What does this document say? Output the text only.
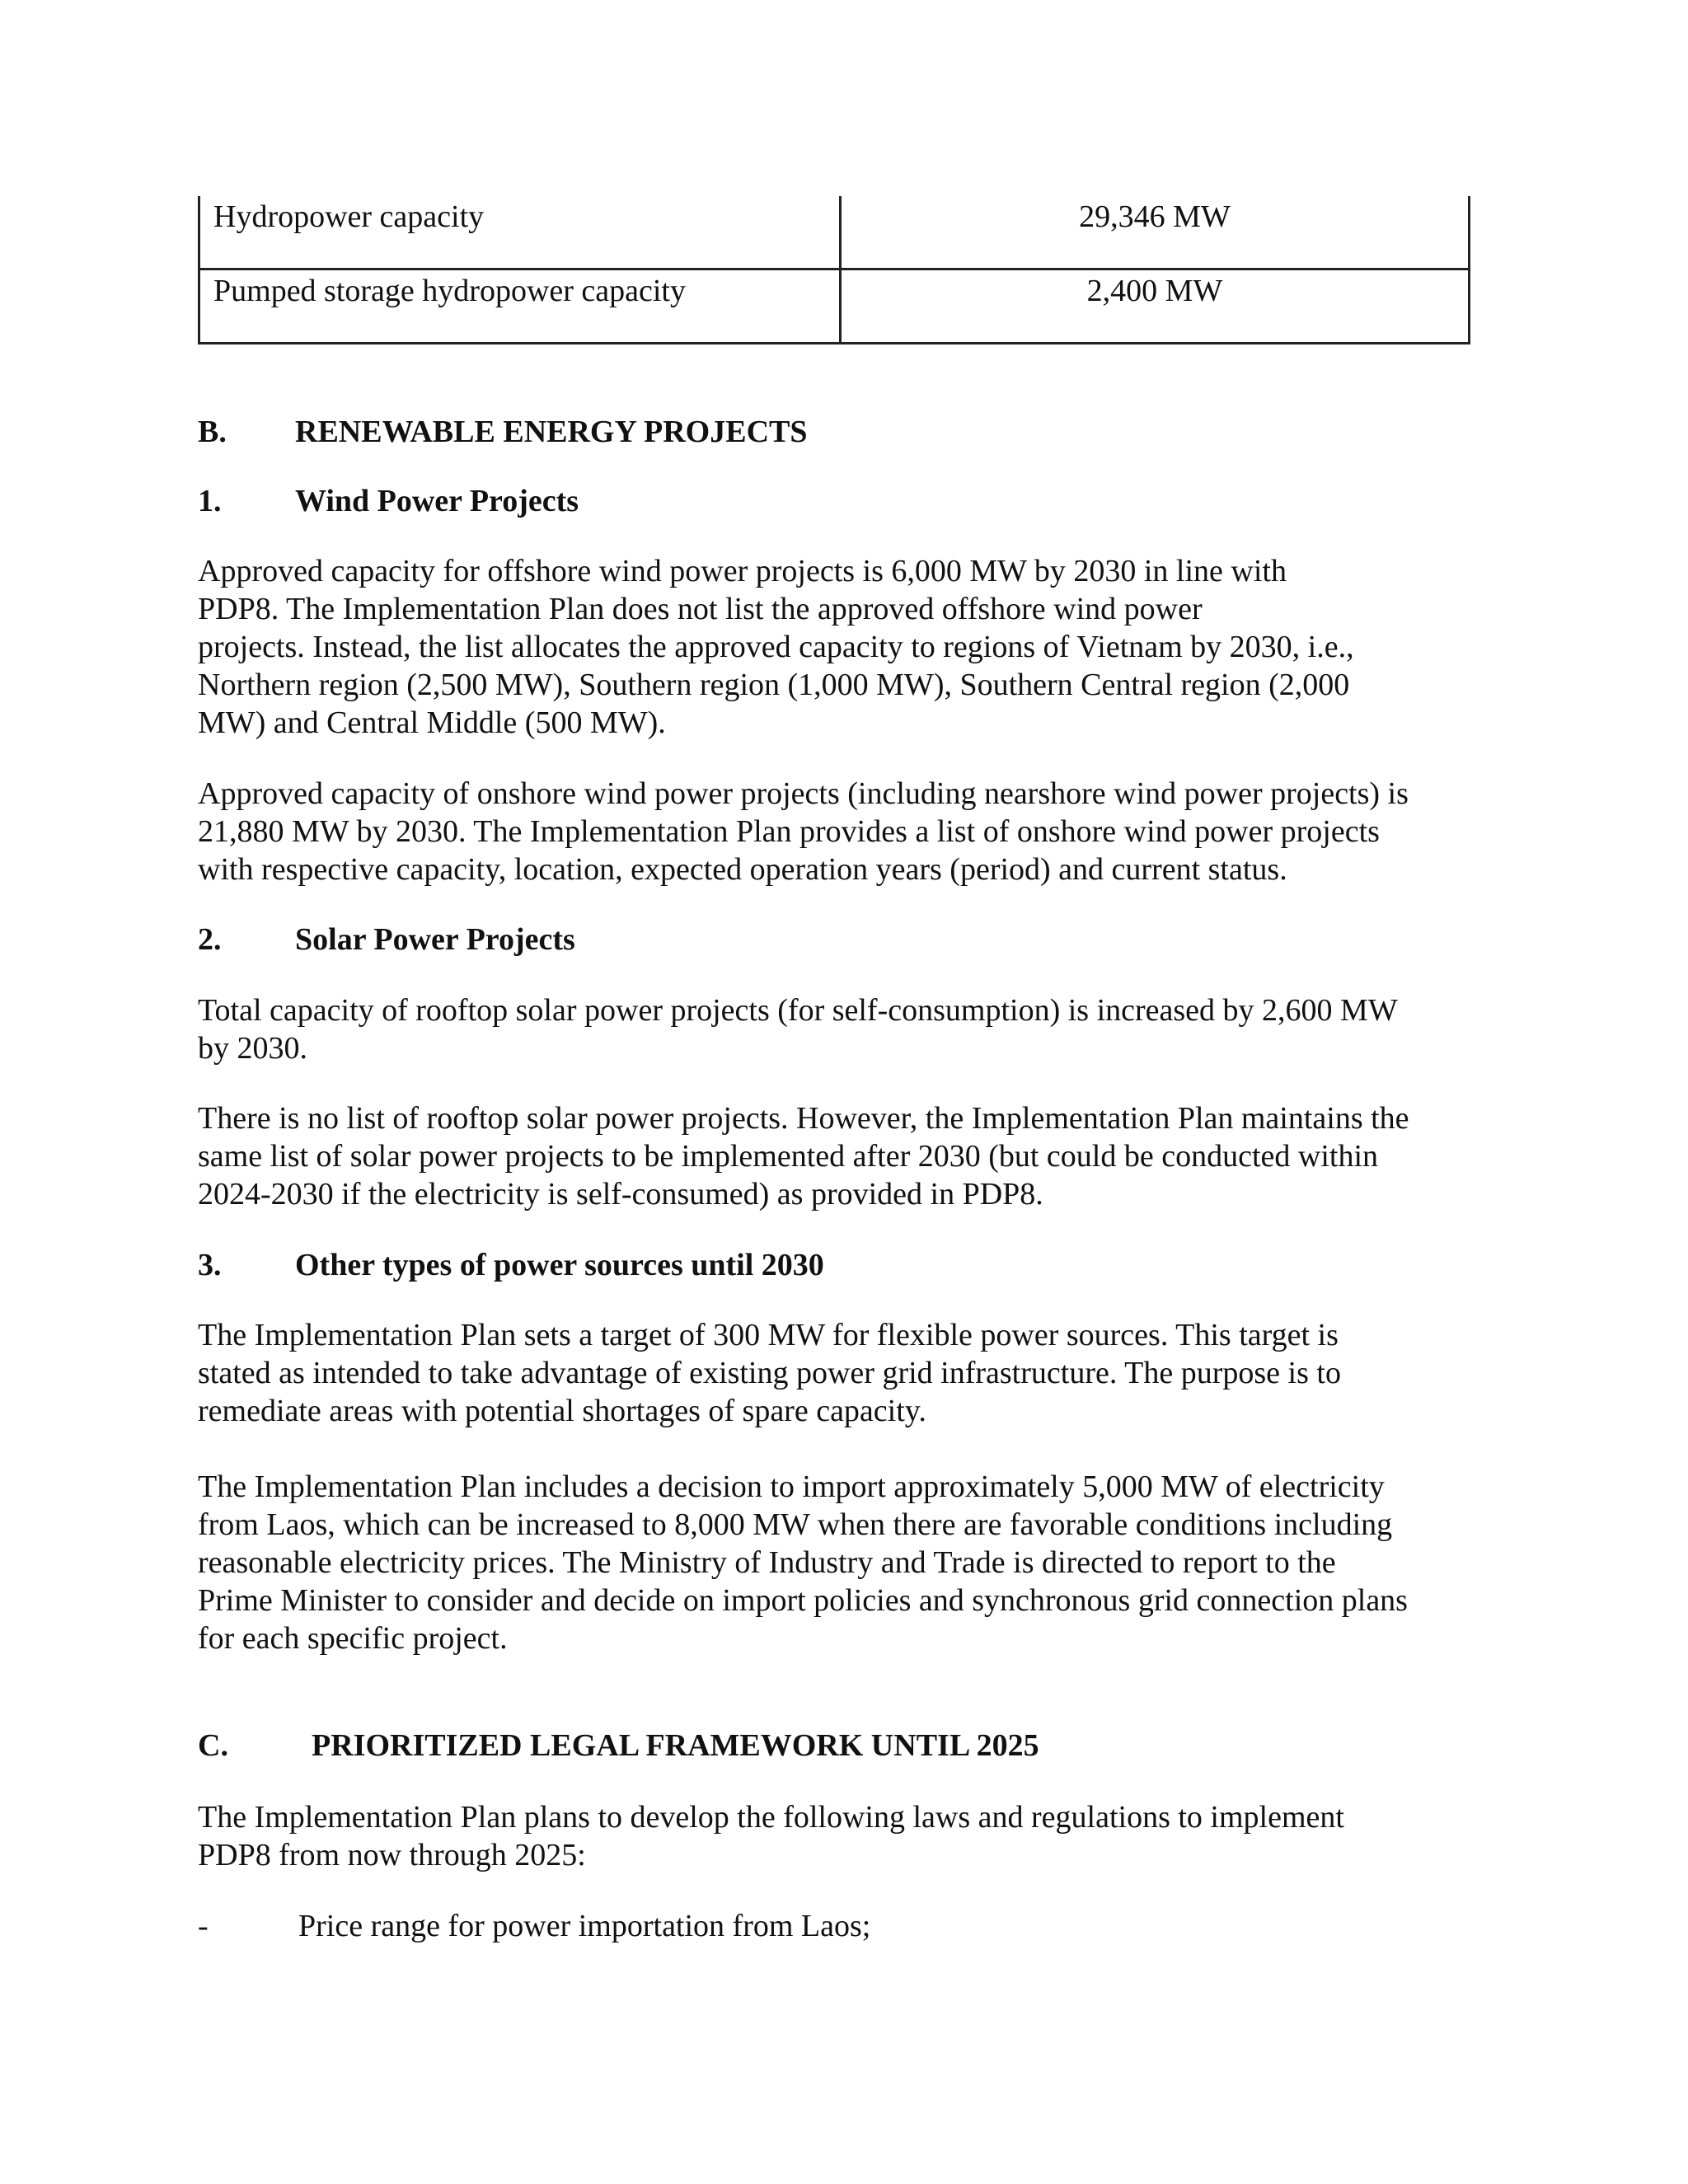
Hydropower capacity	29,346 MW
Pumped storage hydropower capacity	2,400 MW
B. RENEWABLE ENERGY PROJECTS
1. Wind Power Projects
Approved capacity for offshore wind power projects is 6,000 MW by 2030 in line with
PDP8. The Implementation Plan does not list the approved offshore wind power
projects. Instead, the list allocates the approved capacity to regions of Vietnam by 2030, i.e.,
Northern region (2,500 MW), Southern region (1,000 MW), Southern Central region (2,000
MW) and Central Middle (500 MW).
Approved capacity of onshore wind power projects (including nearshore wind power projects) is
21,880 MW by 2030. The Implementation Plan provides a list of onshore wind power projects
with respective capacity, location, expected operation years (period) and current status.
2. Solar Power Projects
Total capacity of rooftop solar power projects (for self-consumption) is increased by 2,600 MW
by 2030.
There is no list of rooftop solar power projects. However, the Implementation Plan maintains the
same list of solar power projects to be implemented after 2030 (but could be conducted within
2024-2030 if the electricity is self-consumed) as provided in PDP8.
3. Other types of power sources until 2030
The Implementation Plan sets a target of 300 MW for flexible power sources. This target is
stated as intended to take advantage of existing power grid infrastructure. The purpose is to
remediate areas with potential shortages of spare capacity.
The Implementation Plan includes a decision to import approximately 5,000 MW of electricity
from Laos, which can be increased to 8,000 MW when there are favorable conditions including
reasonable electricity prices. The Ministry of Industry and Trade is directed to report to the
Prime Minister to consider and decide on import policies and synchronous grid connection plans
for each specific project.
C.	PRIORITIZED LEGAL FRAMEWORK UNTIL 2025
The Implementation Plan plans to develop the following laws and regulations to implement
PDP8 from now through 2025:
-	Price range for power importation from Laos;
